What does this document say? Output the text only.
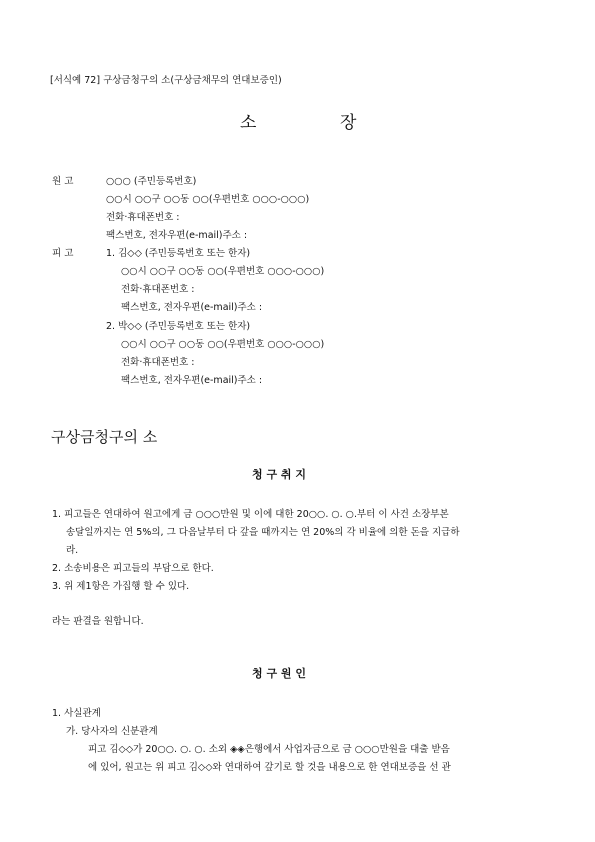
[서식예 72] 구상금청구의 소(구상금채무의 연대보증인)
소	장
원 고	○○○ (주민등록번호)
○○시 ○○구 ○○동 ○○(우편번호 ○○○-○○○)
전화·휴대폰번호 :
팩스번호, 전자우편(e-mail)주소 :
피 고	1. 김◇◇ (주민등록번호 또는 한자)
○○시 ○○구 ○○동 ○○(우편번호 ○○○-○○○)
전화·휴대폰번호 :
팩스번호, 전자우편(e-mail)주소 :
2. 박◇◇ (주민등록번호 또는 한자)
○○시 ○○구 ○○동 ○○(우편번호 ○○○-○○○)
전화·휴대폰번호 :
팩스번호, 전자우편(e-mail)주소 :
구상금청구의 소
청 구 취 지
1. 피고들은 연대하여 원고에게 금 ○○○만원 및 이에 대한 20○○. ○. ○.부터 이 사건 소장부본
송달일까지는 연 5%의, 그 다음날부터 다 갚을 때까지는 연 20%의 각 비율에 의한 돈을 지급하
라.
2. 소송비용은 피고들의 부담으로 한다.
3. 위 제1항은 가집행 할 수 있다.
라는 판결을 원합니다.
청 구 원 인
1. 사실관계
가. 당사자의 신분관계
피고 김◇◇가 20○○. ○. ○. 소외 ◈◈은행에서 사업자금으로 금 ○○○만원을 대출 받음
에 있어, 원고는 위 피고 김◇◇와 연대하여 갚기로 할 것을 내용으로 한 연대보증을 선 관
